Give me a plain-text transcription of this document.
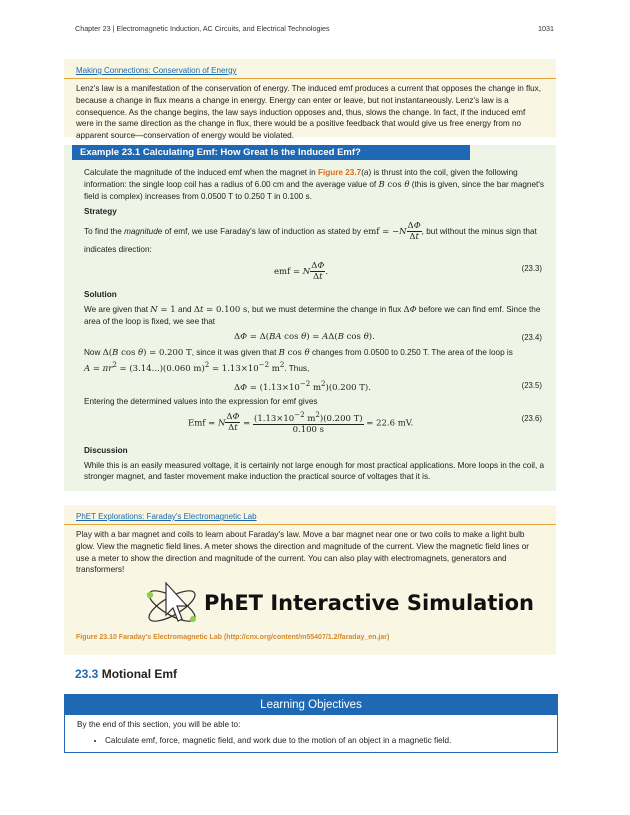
Chapter 23 | Electromagnetic Induction, AC Circuits, and Electrical Technologies	1031
Making Connections: Conservation of Energy
Lenz's law is a manifestation of the conservation of energy. The induced emf produces a current that opposes the change in flux, because a change in flux means a change in energy. Energy can enter or leave, but not instantaneously. Lenz's law is a consequence. As the change begins, the law says induction opposes and, thus, slows the change. In fact, if the induced emf were in the same direction as the change in flux, there would be a positive feedback that would give us free energy from no apparent source—conservation of energy would be violated.
Example 23.1 Calculating Emf: How Great Is the Induced Emf?

Calculate the magnitude of the induced emf when the magnet in Figure 23.7(a) is thrust into the coil, given the following information: the single loop coil has a radius of 6.00 cm and the average value of B cos θ (this is given, since the bar magnet's field is complex) increases from 0.0500 T to 0.250 T in 0.100 s.

Strategy

To find the magnitude of emf, we use Faraday's law of induction as stated by emf = $-N \frac{\Delta\Phi}{\Delta t}$ , but without the minus sign that indicates direction:

emf = N $\frac{\Delta\Phi}{\Delta t}$ .	(23.3)
Solution

We are given that N = 1 and Δt = 0.100 s, but we must determine the change in flux ΔΦ before we can find emf. Since the area of the loop is fixed, we see that

ΔΦ = Δ(BA cos θ) = AΔ(B cos θ).	(23.4)

Now Δ(B cos θ) = 0.200 T, since it was given that B cos θ changes from 0.0500 to 0.250 T. The area of the loop is

$A = \pi r^2 = (3.14...)(0.060$ $m)^2 = 1.13\times 10^{-2}$ $m^2$. Thus,

$\Delta\Phi = (1.13\times 10^{-2}$ $m^2)(0.200$ T).	(23.5)

Entering the determined values into the expression for emf gives

Emf = N $\frac{\Delta\Phi}{\Delta t} = \frac{(1.13\times 10^{-2} m^2)(0.200 T)}{0.100 s} = 22.6$ mV.
(23.6)
Discussion

While this is an easily measured voltage, it is certainly not large enough for most practical applications. More loops in the coil, a stronger magnet, and faster movement make induction the practical source of voltages that it is.

PhET Explorations: Faraday's Electromagnetic Lab
Play with a bar magnet and coils to learn about Faraday's law. Move a bar magnet near one or two coils to make a light bulb glow. View the magnetic field lines. A meter shows the direction and magnitude of the current. View the magnetic field lines or use a meter to show the direction and magnitude of the current. You can also play with electromagnets, generators and transformers!
PhET Interactive Simulation
Figure 23.10 Faraday's Electromagnetic Lab (http://cnx.org/content/m55407/1.2/faraday_en.jar)
23.3 Motional Emf
Learning Objectives
By the end of this section, you will be able to:
• Calculate emf, force, magnetic field, and work due to the motion of an object in a magnetic field.
